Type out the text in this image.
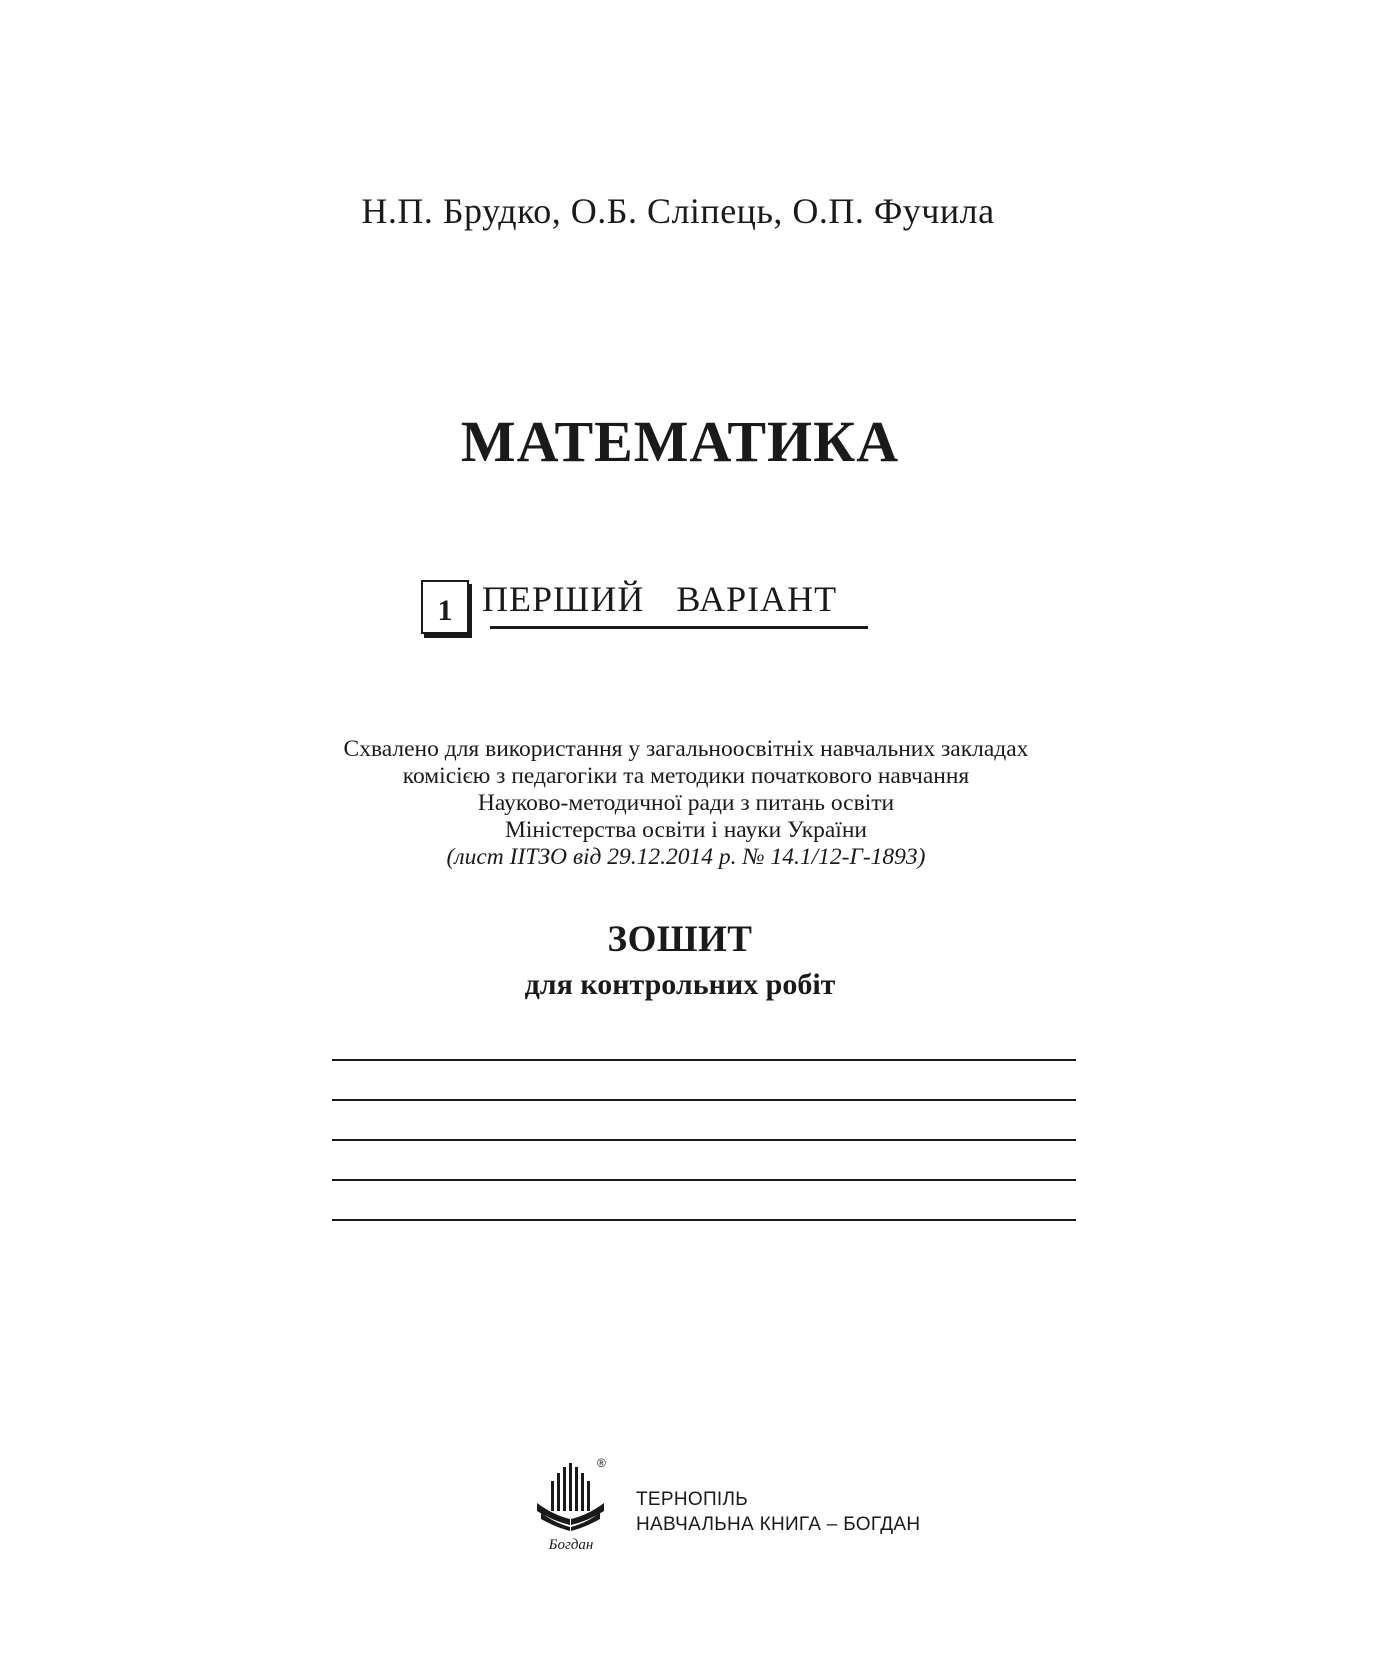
Н.П. Брудко, О.Б. Сліпець, О.П. Фучила
МАТЕМАТИКА
1 ПЕРШИЙ ВАРІАНТ
Схвалено для використання у загальноосвітніх навчальних закладах
комісією з педагогіки та методики початкового навчання
Науково-методичної ради з питань освіти
Міністерства освіти і науки України
(лист ІІТЗО від 29.12.2014 р. № 14.1/12-Г-1893)
ЗОШИТ
для контрольних робіт
®
Богдан
ТЕРНОПІЛЬ
НАВЧАЛЬНА КНИГА – БОГДАН
